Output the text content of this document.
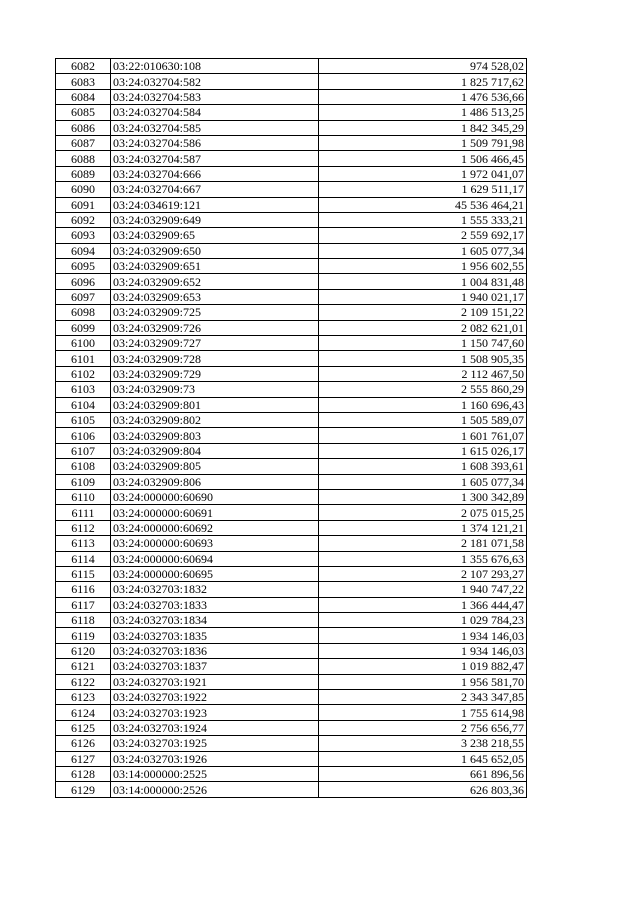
6082	03:22:010630:108	974 528,02
6083	03:24:032704:582	1 825 717,62
6084	03:24:032704:583	1 476 536,66
6085	03:24:032704:584	1 486 513,25
6086	03:24:032704:585	1 842 345,29
6087	03:24:032704:586	1 509 791,98
6088	03:24:032704:587	1 506 466,45
6089	03:24:032704:666	1 972 041,07
6090	03:24:032704:667	1 629 511,17
6091	03:24:034619:121	45 536 464,21
6092	03:24:032909:649	1 555 333,21
6093	03:24:032909:65	2 559 692,17
6094	03:24:032909:650	1 605 077,34
6095	03:24:032909:651	1 956 602,55
6096	03:24:032909:652	1 004 831,48
6097	03:24:032909:653	1 940 021,17
6098	03:24:032909:725	2 109 151,22
6099	03:24:032909:726	2 082 621,01
6100	03:24:032909:727	1 150 747,60
6101	03:24:032909:728	1 508 905,35
6102	03:24:032909:729	2 112 467,50
6103	03:24:032909:73	2 555 860,29
6104	03:24:032909:801	1 160 696,43
6105	03:24:032909:802	1 505 589,07
6106	03:24:032909:803	1 601 761,07
6107	03:24:032909:804	1 615 026,17
6108	03:24:032909:805	1 608 393,61
6109	03:24:032909:806	1 605 077,34
6110	03:24:000000:60690	1 300 342,89
6111	03:24:000000:60691	2 075 015,25
6112	03:24:000000:60692	1 374 121,21
6113	03:24:000000:60693	2 181 071,58
6114	03:24:000000:60694	1 355 676,63
6115	03:24:000000:60695	2 107 293,27
6116	03:24:032703:1832	1 940 747,22
6117	03:24:032703:1833	1 366 444,47
6118	03:24:032703:1834	1 029 784,23
6119	03:24:032703:1835	1 934 146,03
6120	03:24:032703:1836	1 934 146,03
6121	03:24:032703:1837	1 019 882,47
6122	03:24:032703:1921	1 956 581,70
6123	03:24:032703:1922	2 343 347,85
6124	03:24:032703:1923	1 755 614,98
6125	03:24:032703:1924	2 756 656,77
6126	03:24:032703:1925	3 238 218,55
6127	03:24:032703:1926	1 645 652,05
6128	03:14:000000:2525	661 896,56
6129	03:14:000000:2526	626 803,36
